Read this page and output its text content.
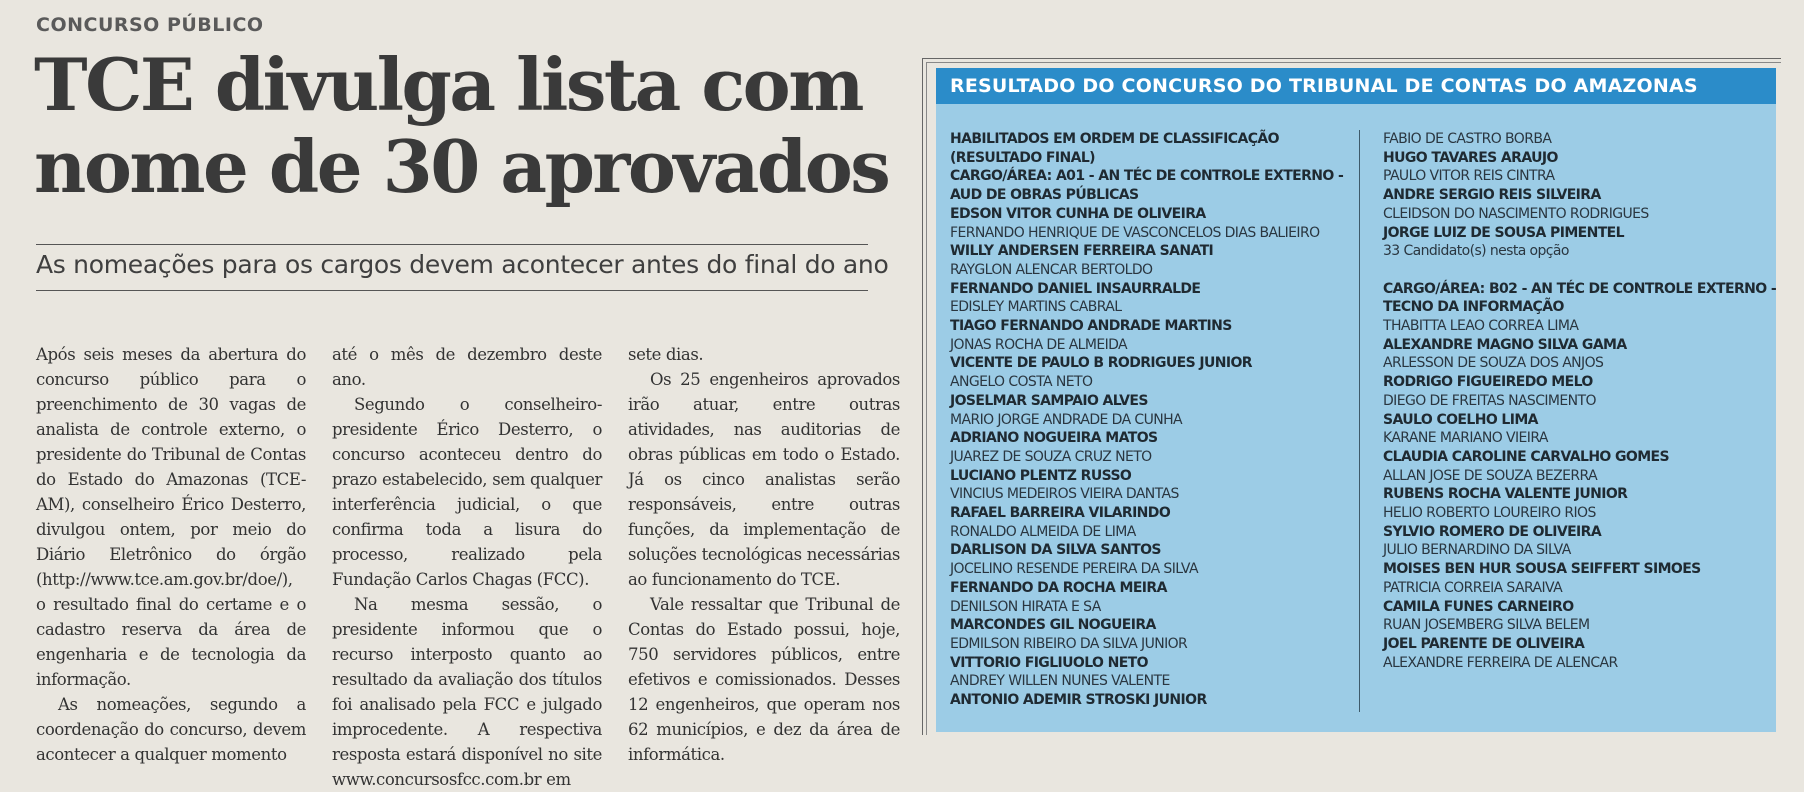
CONCURSO PÚBLICO
TCE divulga lista com
nome de 30 aprovados
As nomeações para os cargos devem acontecer antes do final do ano

Após seis meses da abertura do concurso público para o preenchimento de 30 vagas de analista de controle externo, o presidente do Tribunal de Contas do Estado do Amazonas (TCE-AM), conselheiro Érico Desterro, divulgou ontem, por meio do Diário Eletrônico do órgão (http://www.tce.am.gov.br/doe/), o resultado final do certame e o cadastro reserva da área de engenharia e de tecnologia da informação.

As nomeações, segundo a coordenação do concurso, devem acontecer a qualquer momento

até o mês de dezembro deste ano.

Segundo o conselheiro-presidente Érico Desterro, o concurso aconteceu dentro do prazo estabelecido, sem qualquer interferência judicial, o que confirma toda a lisura do processo, realizado pela Fundação Carlos Chagas (FCC).

Na mesma sessão, o presidente informou que o recurso interposto quanto ao resultado da avaliação dos títulos foi analisado pela FCC e julgado improcedente. A respectiva resposta estará disponível no site www.concursosfcc.com.br em

sete dias.

Os 25 engenheiros aprovados irão atuar, entre outras atividades, nas auditorias de obras públicas em todo o Estado. Já os cinco analistas serão responsáveis, entre outras funções, da implementação de soluções tecnológicas necessárias ao funcionamento do TCE.

Vale ressaltar que Tribunal de Contas do Estado possui, hoje, 750 servidores públicos, entre efetivos e comissionados. Desses 12 engenheiros, que operam nos 62 municípios, e dez da área de informática.

RESULTADO DO CONCURSO DO TRIBUNAL DE CONTAS DO AMAZONAS
HABILITADOS EM ORDEM DE CLASSIFICAÇÃO
(RESULTADO FINAL)
CARGO/ÁREA: A01 - AN TÉC DE CONTROLE EXTERNO -
AUD DE OBRAS PÚBLICAS
EDSON VITOR CUNHA DE OLIVEIRA
FERNANDO HENRIQUE DE VASCONCELOS DIAS BALIEIRO
WILLY ANDERSEN FERREIRA SANATI
RAYGLON ALENCAR BERTOLDO
FERNANDO DANIEL INSAURRALDE
EDISLEY MARTINS CABRAL
TIAGO FERNANDO ANDRADE MARTINS
JONAS ROCHA DE ALMEIDA
VICENTE DE PAULO B RODRIGUES JUNIOR
ANGELO COSTA NETO
JOSELMAR SAMPAIO ALVES
MARIO JORGE ANDRADE DA CUNHA
ADRIANO NOGUEIRA MATOS
JUAREZ DE SOUZA CRUZ NETO
LUCIANO PLENTZ RUSSO
VINCIUS MEDEIROS VIEIRA DANTAS
RAFAEL BARREIRA VILARINDO
RONALDO ALMEIDA DE LIMA
DARLISON DA SILVA SANTOS
JOCELINO RESENDE PEREIRA DA SILVA
FERNANDO DA ROCHA MEIRA
DENILSON HIRATA E SA
MARCONDES GIL NOGUEIRA
EDMILSON RIBEIRO DA SILVA JUNIOR
VITTORIO FIGLIUOLO NETO
ANDREY WILLEN NUNES VALENTE
ANTONIO ADEMIR STROSKI JUNIOR
FABIO DE CASTRO BORBA
HUGO TAVARES ARAUJO
PAULO VITOR REIS CINTRA
ANDRE SERGIO REIS SILVEIRA
CLEIDSON DO NASCIMENTO RODRIGUES
JORGE LUIZ DE SOUSA PIMENTEL
33 Candidato(s) nesta opção
CARGO/ÁREA: B02 - AN TÉC DE CONTROLE EXTERNO -
TECNO DA INFORMAÇÃO
THABITTA LEAO CORREA LIMA
ALEXANDRE MAGNO SILVA GAMA
ARLESSON DE SOUZA DOS ANJOS
RODRIGO FIGUEIREDO MELO
DIEGO DE FREITAS NASCIMENTO
SAULO COELHO LIMA
KARANE MARIANO VIEIRA
CLAUDIA CAROLINE CARVALHO GOMES
ALLAN JOSE DE SOUZA BEZERRA
RUBENS ROCHA VALENTE JUNIOR
HELIO ROBERTO LOUREIRO RIOS
SYLVIO ROMERO DE OLIVEIRA
JULIO BERNARDINO DA SILVA
MOISES BEN HUR SOUSA SEIFFERT SIMOES
PATRICIA CORREIA SARAIVA
CAMILA FUNES CARNEIRO
RUAN JOSEMBERG SILVA BELEM
JOEL PARENTE DE OLIVEIRA
ALEXANDRE FERREIRA DE ALENCAR
